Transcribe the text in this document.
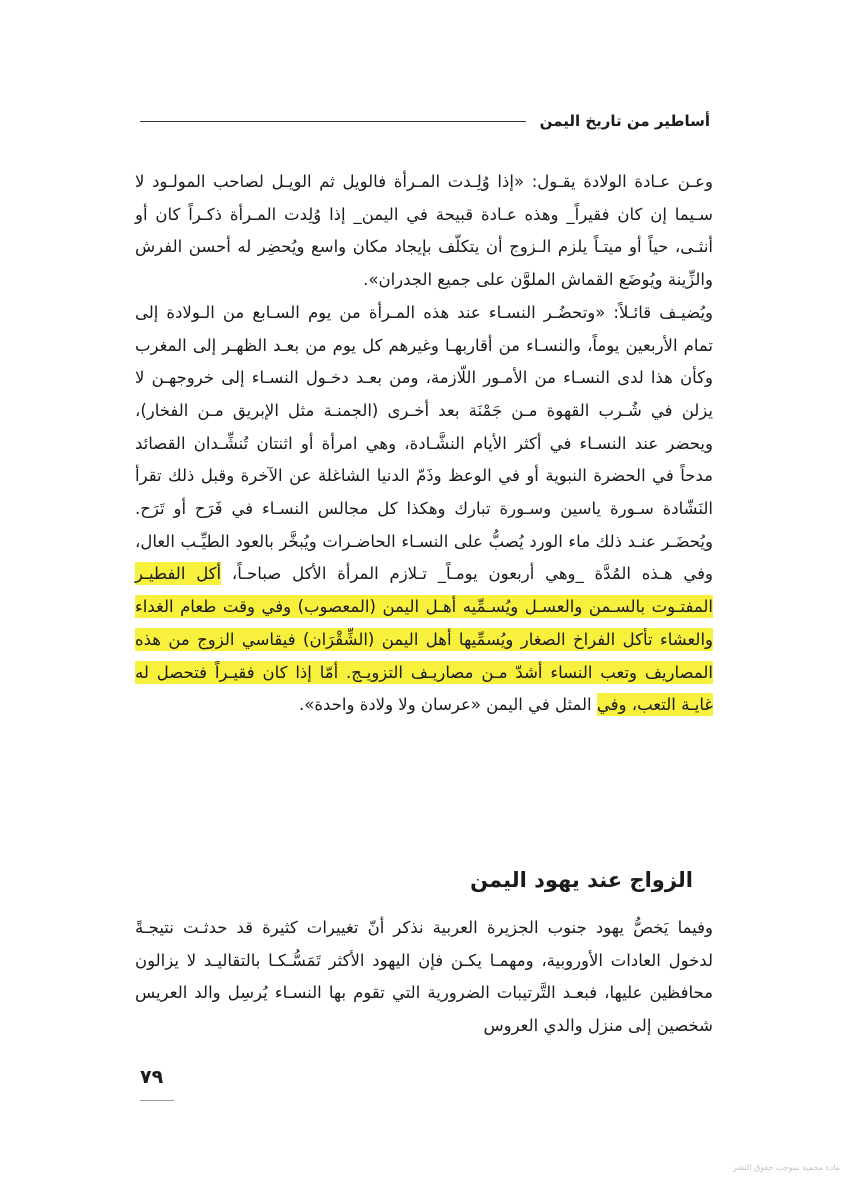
أساطير من تاريخ اليمن

وعـن عـادة الولادة يقـول: «إذا وُلِـدت المـرأة فالويل ثم الويـل لصاحب المولـود لا سـيما إن كان فقيراً_ وهذه عـادة قبيحة في اليمن_ إذا وُلِدت المـرأة ذكـراً كان أو أنثـى، حياً أو ميتـاً يلزم الـزوج أن يتكلّف بإيجاد مكان واسع ويُحضِر له أحسن الفرش والزِّينة ويُوضَع القماش الملوَّن على جميع الجدران».

ويُضيـف قائـلاً: «وتحضُـر النسـاء عند هذه المـرأة من يوم السـابع من الـولادة إلى تمام الأربعين يوماً، والنسـاء من أقاربهـا وغيرهم كل يوم من بعـد الظهـر إلى المغرب وكأن هذا لدى النسـاء من الأمـور اللّازمة، ومن بعـد دخـول النسـاء إلى خروجهـن لا يزلن في شُـرب القهوة مـن جَمْنَة بعد أخـرى (الجمنـة مثل الإبريق مـن الفخار)، ويحضر عند النسـاء في أكثر الأيام النشَّـادة، وهي امرأة أو اثنتان تُنشِّـدان القصائد مدحاً في الحضرة النبوية أو في الوعظ وذَمّ الدنيا الشاغلة عن الآخرة وقبل ذلك تقرأ النَشّادة سـورة ياسين وسـورة تبارك وهكذا كل مجالس النسـاء في فَرَح أو تَرَح. ويُحضَـر عنـد ذلك ماء الورد يُصبُّ على النسـاء الحاضـرات ويُبخَّر بالعود الطيِّـب العال، وفي هـذه المُدَّة _وهي أربعون يومـاً_ تـلازم المرأة الأكل صباحـاً، أكل الفطيـر المفتـوت بالسـمن والعسـل ويُسـمِّيه أهـل اليمن (المعصوب) وفي وقت طعام الغداء والعشاء تأكل الفراخ الصغار ويُسمِّيها أهل اليمن (الشِّقْرَان) فيقاسي الزوج من هذه المصاريف وتعب النساء أشدّ مـن مصاريـف التزويـج. أمّا إذا كان فقيـراً فتحصل له غايـة التعب، وفي المثل في اليمن «عرسان ولا ولادة واحدة».

الزواج عند يهود اليمن

وفيما يَخصُّ يهود جنوب الجزيرة العربية نذكر أنّ تغييرات كثيرة قد حدثـت نتيجـةً لدخول العادات الأوروبية، ومهمـا يكـن فإن اليهود الأكثر تَمَسُّـكـا بالتقاليـد لا يزالون محافظين عليها، فبعـد التَّرتيبات الضرورية التي تقوم بها النسـاء يُرسِل والد العريس شخصين إلى منزل والدي العروس

٧٩
مادة محمية بموجب حقوق النشر
